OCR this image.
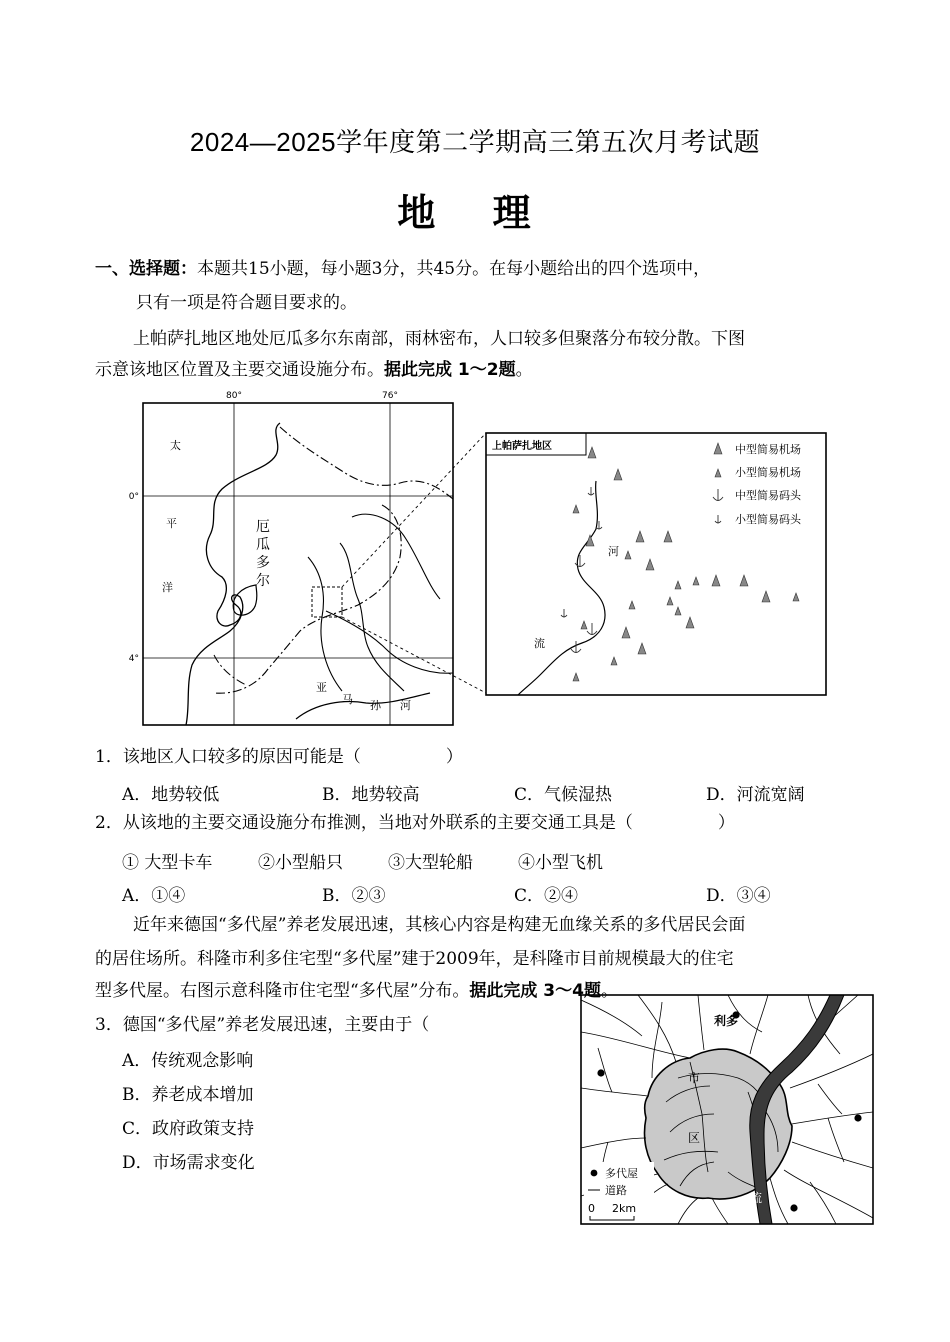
2024—2025学年度第二学期高三第五次月考试题
地 理
一、选择题：本题共15小题，每小题3分，共45分。在每小题给出的四个选项中，
只有一项是符合题目要求的。
上帕萨扎地区地处厄瓜多尔东南部，雨林密布，人口较多但聚落分布较分散。下图
示意该地区位置及主要交通设施分布。据此完成 1～2题。
80°	76°
0°
4°
太
平
洋
厄
瓜
多
尔
亚
马 孙 河
上帕萨扎地区
河
流
中型简易机场
小型简易机场
中型简易码头
小型简易码头
1．该地区人口较多的原因可能是（　　　　　）
A．地势较低	B．地势较高	C．气候湿热	D．河流宽阔
2．从该地的主要交通设施分布推测，当地对外联系的主要交通工具是（　　　　　）
① 大型卡车	②小型船只	③大型轮船	④小型飞机
A．①④	B．②③	C．②④	D．③④
近年来德国“多代屋”养老发展迅速，其核心内容是构建无血缘关系的多代居民会面
的居住场所。科隆市利多住宅型“多代屋”建于2009年，是科隆市目前规模最大的住宅
型多代屋。右图示意科隆市住宅型“多代屋”分布。据此完成 3～4题。
3．德国“多代屋”养老发展迅速，主要由于（
A．传统观念影响
B．养老成本增加
C．政府政策支持
D．市场需求变化
利多
市
区
河
流
多代屋
道路
0 2km
